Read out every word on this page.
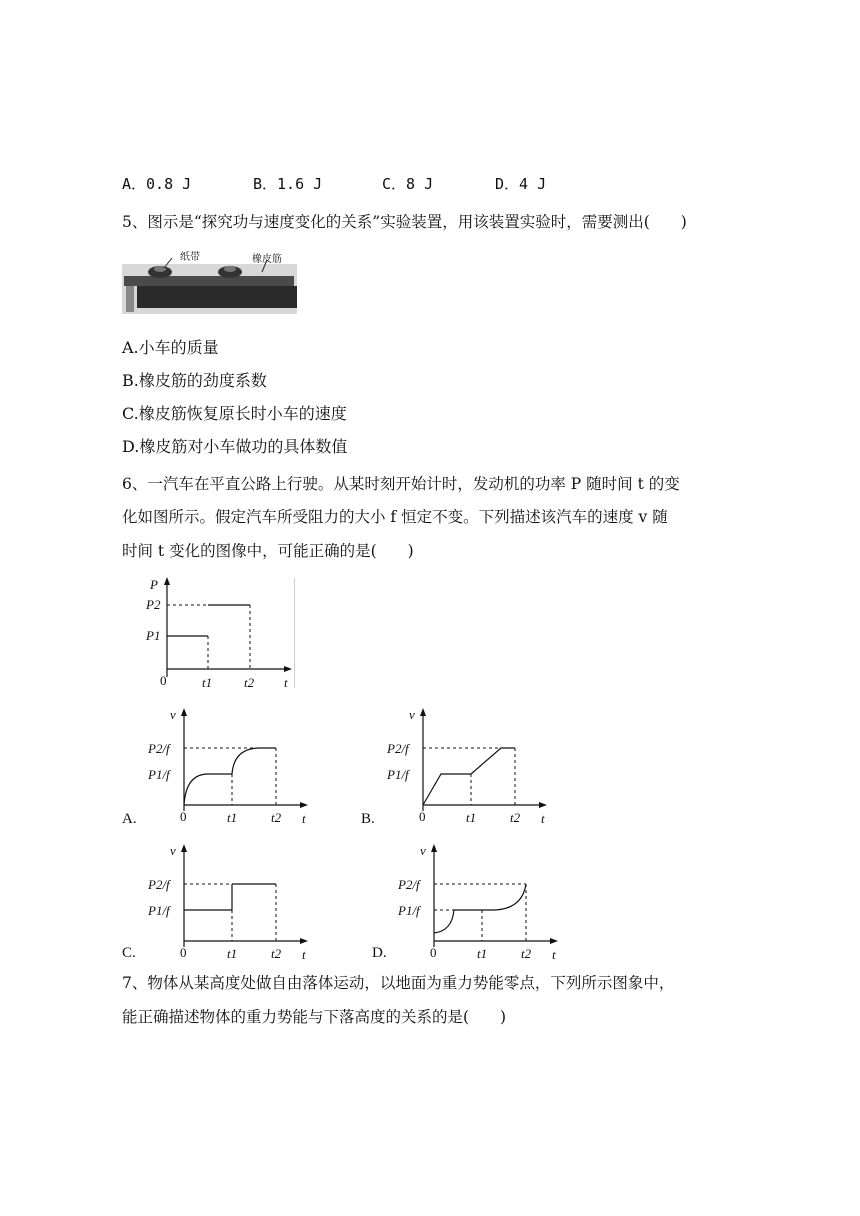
A．0.8 J	B．1.6 J	C．8 J	D．4 J
5、图示是“探究功与速度变化的关系”实验装置，用该装置实验时，需要测出(　　)
纸带	橡皮筋
A.小车的质量
B.橡皮筋的劲度系数
C.橡皮筋恢复原长时小车的速度
D.橡皮筋对小车做功的具体数值
6、一汽车在平直公路上行驶。从某时刻开始计时，发动机的功率 P 随时间 t 的变
化如图所示。假定汽车所受阻力的大小 f 恒定不变。下列描述该汽车的速度 v 随
时间 t 变化的图像中，可能正确的是(　　)
P
P2
P1
0	t1 t2 t
v
P2/f
P1/f
0	t1	t2 t
A.
v
P2/f
P1/f
0	t1	t2 t
B.
v
P2/f
P1/f
0	t1	t2 t
C.
v
P2/f
P1/f
0	t1	t2 t
D.
7、物体从某高度处做自由落体运动，以地面为重力势能零点，下列所示图象中，
能正确描述物体的重力势能与下落高度的关系的是(　　)
